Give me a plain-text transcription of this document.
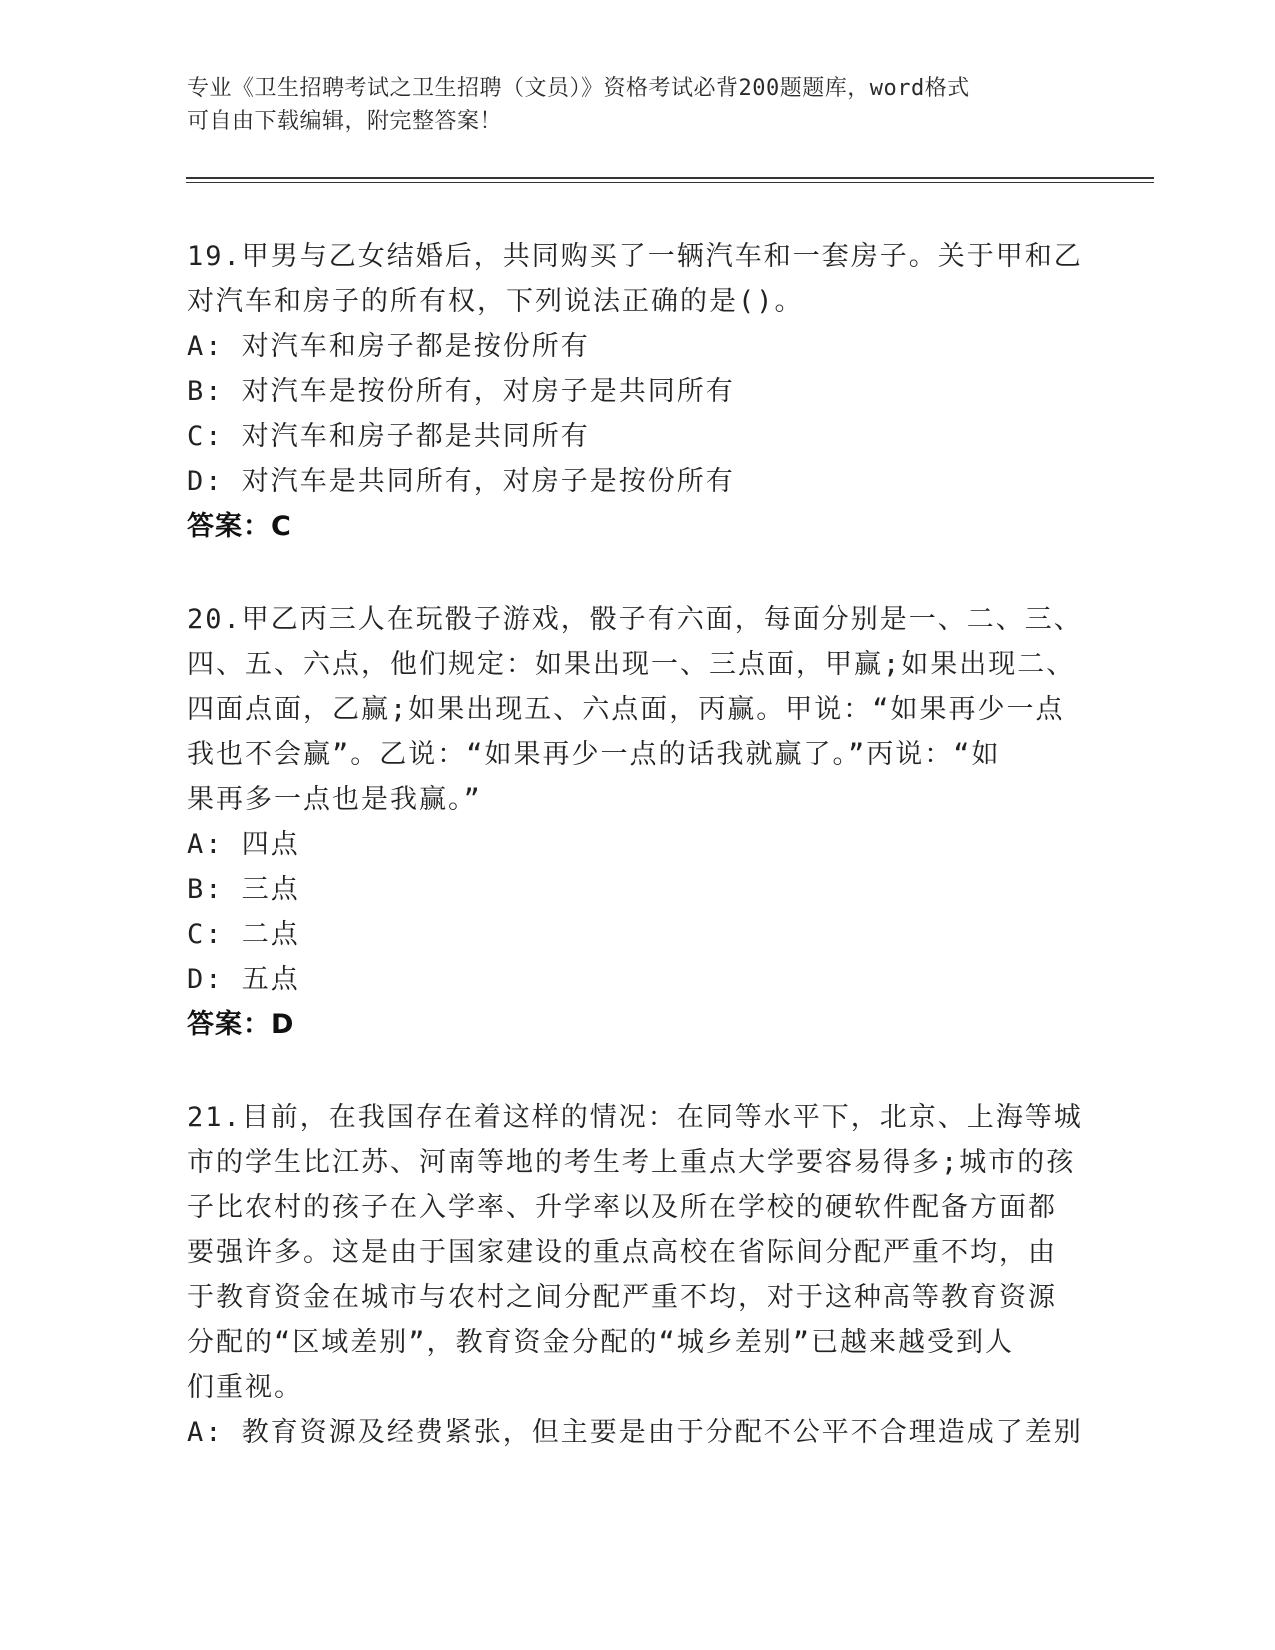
专业《卫生招聘考试之卫生招聘（文员）》资格考试必背200题题库，word格式
可自由下载编辑，附完整答案！
19.甲男与乙女结婚后，共同购买了一辆汽车和一套房子。关于甲和乙
对汽车和房子的所有权，下列说法正确的是()。
A: 对汽车和房子都是按份所有
B: 对汽车是按份所有，对房子是共同所有
C: 对汽车和房子都是共同所有
D: 对汽车是共同所有，对房子是按份所有
答案：C
20.甲乙丙三人在玩骰子游戏，骰子有六面，每面分别是一、二、三、
四、五、六点，他们规定：如果出现一、三点面，甲赢;如果出现二、
四面点面，乙赢;如果出现五、六点面，丙赢。甲说：“如果再少一点
我也不会赢”。乙说：“如果再少一点的话我就赢了。”丙说：“如
果再多一点也是我赢。”
A: 四点
B: 三点
C: 二点
D: 五点
答案：D
21.目前，在我国存在着这样的情况：在同等水平下，北京、上海等城
市的学生比江苏、河南等地的考生考上重点大学要容易得多;城市的孩
子比农村的孩子在入学率、升学率以及所在学校的硬软件配备方面都
要强许多。这是由于国家建设的重点高校在省际间分配严重不均，由
于教育资金在城市与农村之间分配严重不均，对于这种高等教育资源
分配的“区域差别”，教育资金分配的“城乡差别”已越来越受到人
们重视。
A: 教育资源及经费紧张，但主要是由于分配不公平不合理造成了差别
